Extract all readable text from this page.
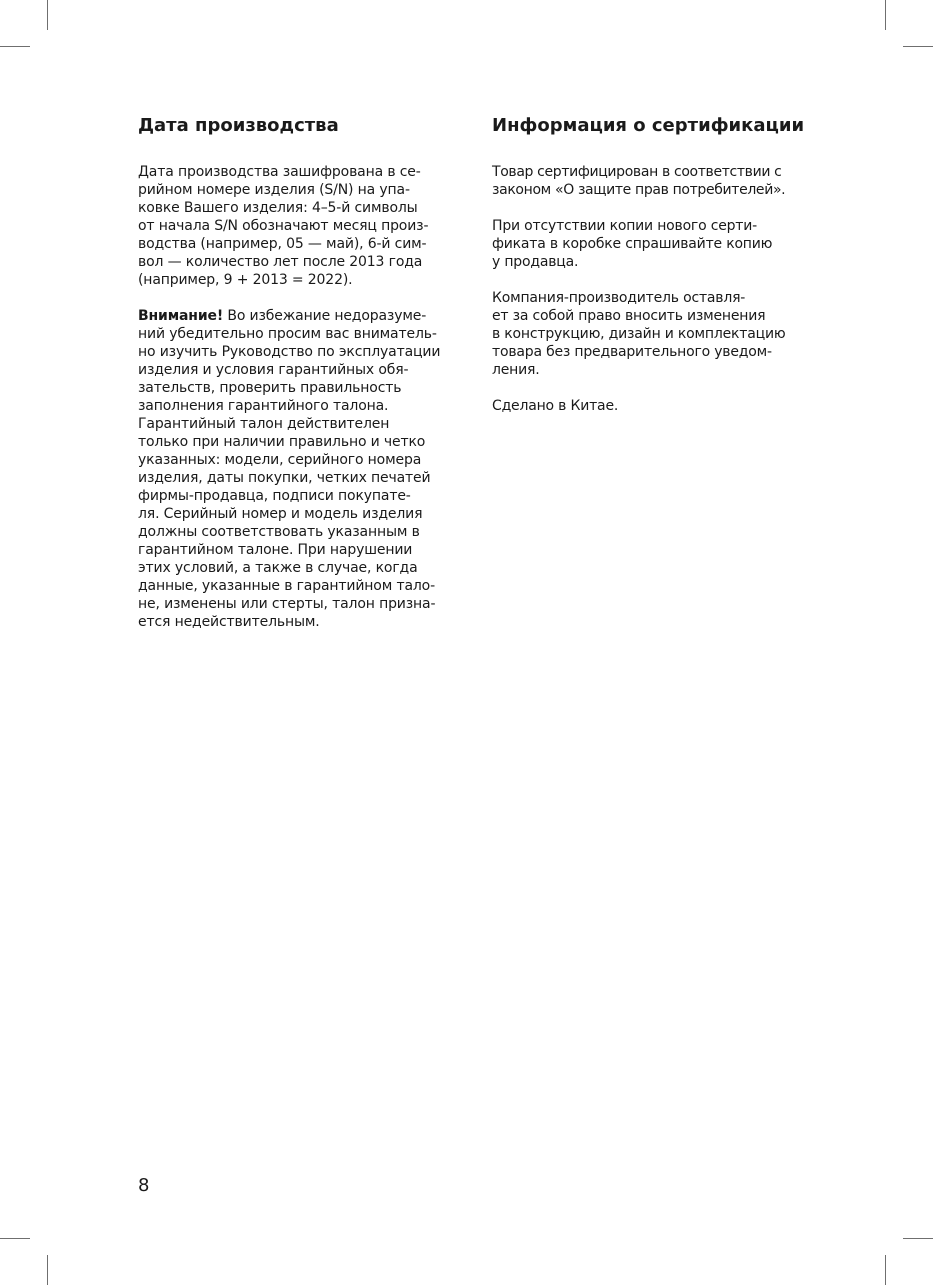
Дата производства

Дата производства зашифрована в се-
рийном номере изделия (S/N) на упа-
ковке Вашего изделия: 4–5-й символы
от начала S/N обозначают месяц произ-
водства (например, 05 — май), 6-й сим-
вол — количество лет после 2013 года
(например, 9 + 2013 = 2022).

Внимание! Во избежание недоразуме-
ний убедительно просим вас вниматель-
но изучить Руководство по эксплуатации
изделия и условия гарантийных обя-
зательств, проверить правильность
заполнения гарантийного талона.
Гарантийный талон действителен
только при наличии правильно и четко
указанных: модели, серийного номера
изделия, даты покупки, четких печатей
фирмы-продавца, подписи покупате-
ля. Серийный номер и модель изделия
должны соответствовать указанным в
гарантийном талоне. При нарушении
этих условий, а также в случае, когда
данные, указанные в гарантийном тало-
не, изменены или стерты, талон призна-
ется недействительным.

Информация о сертификации

Товар сертифицирован в соответствии с
законом «О защите прав потребителей».

При отсутствии копии нового серти-
фиката в коробке спрашивайте копию
у продавца.

Компания-производитель оставля-
ет за собой право вносить изменения
в конструкцию, дизайн и комплектацию
товара без предварительного уведом-
ления.

Сделано в Китае.

8
